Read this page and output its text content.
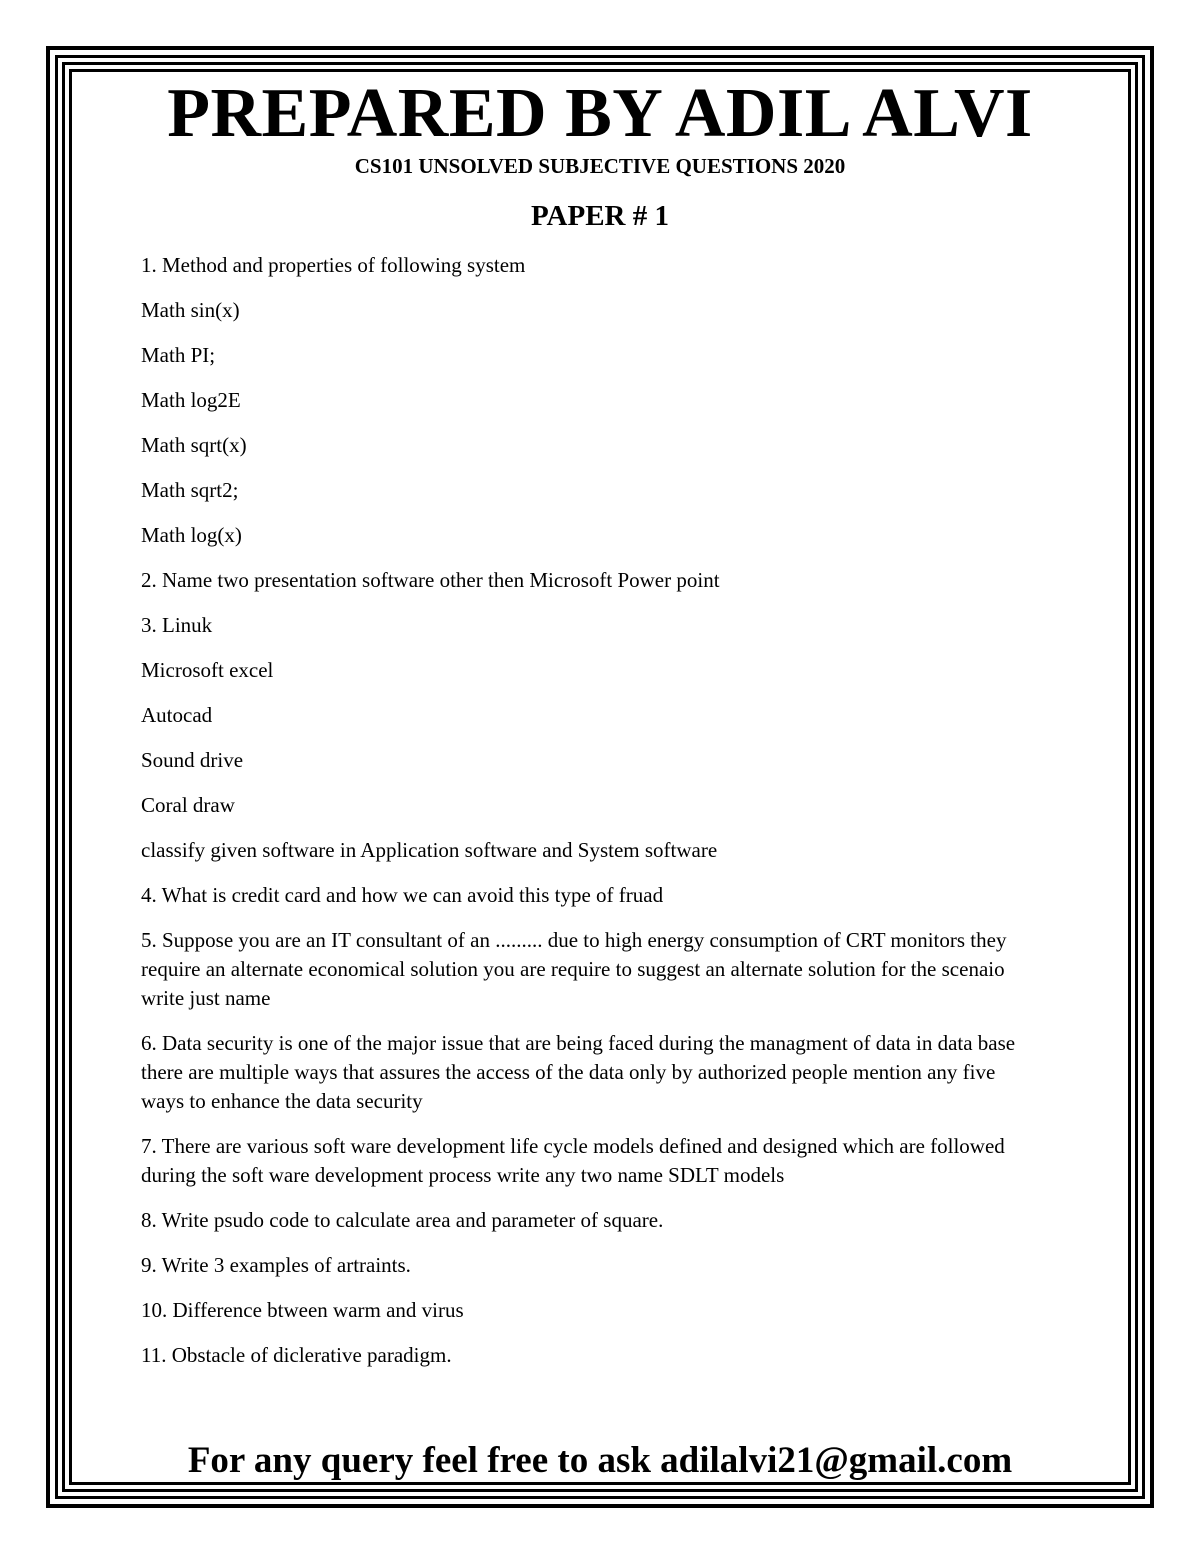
PREPARED BY ADIL ALVI
CS101 UNSOLVED SUBJECTIVE QUESTIONS 2020
PAPER # 1

1. Method and properties of following system

Math sin(x)

Math PI;

Math log2E

Math sqrt(x)

Math sqrt2;

Math log(x)

2. Name two presentation software other then Microsoft Power point

3. Linuk

Microsoft excel

Autocad

Sound drive

Coral draw

classify given software in Application software and System software

4. What is credit card and how we can avoid this type of fruad

5. Suppose you are an IT consultant of an ......... due to high energy consumption of CRT monitors they require an alternate economical solution you are require to suggest an alternate solution for the scenaio write just name

6. Data security is one of the major issue that are being faced during the managment of data in data base there are multiple ways that assures the access of the data only by authorized people mention any five ways to enhance the data security

7. There are various soft ware development life cycle models defined and designed which are followed during the soft ware development process write any two name SDLT models

8. Write psudo code to calculate area and parameter of square.

9. Write 3 examples of artraints.

10. Difference btween warm and virus

11. Obstacle of diclerative paradigm.

For any query feel free to ask adilalvi21@gmail.com
